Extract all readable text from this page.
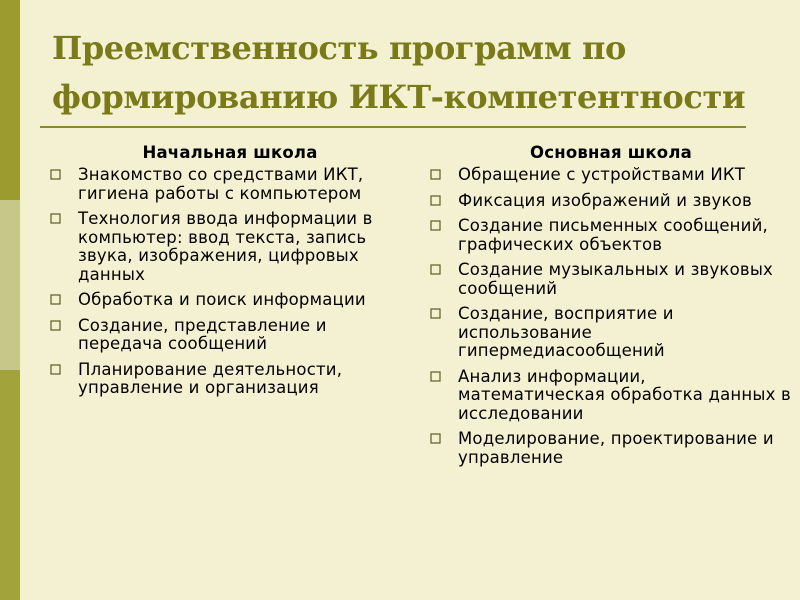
Преемственность программ по
формированию ИКТ-компетентности
Начальная школа
Знакомство со средствами ИКТ, гигиена работы с компьютером
Технология ввода информации в компьютер: ввод текста, запись звука, изображения, цифровых данных
Обработка и поиск информации
Создание, представление и передача сообщений
Планирование деятельности, управление и организация
Основная школа
Обращение с устройствами ИКТ
Фиксация изображений и звуков
Создание письменных сообщений, графических объектов
Создание музыкальных и звуковых сообщений
Создание, восприятие и использование гипермедиасообщений
Анализ информации, математическая обработка данных в исследовании
Моделирование, проектирование и управление
